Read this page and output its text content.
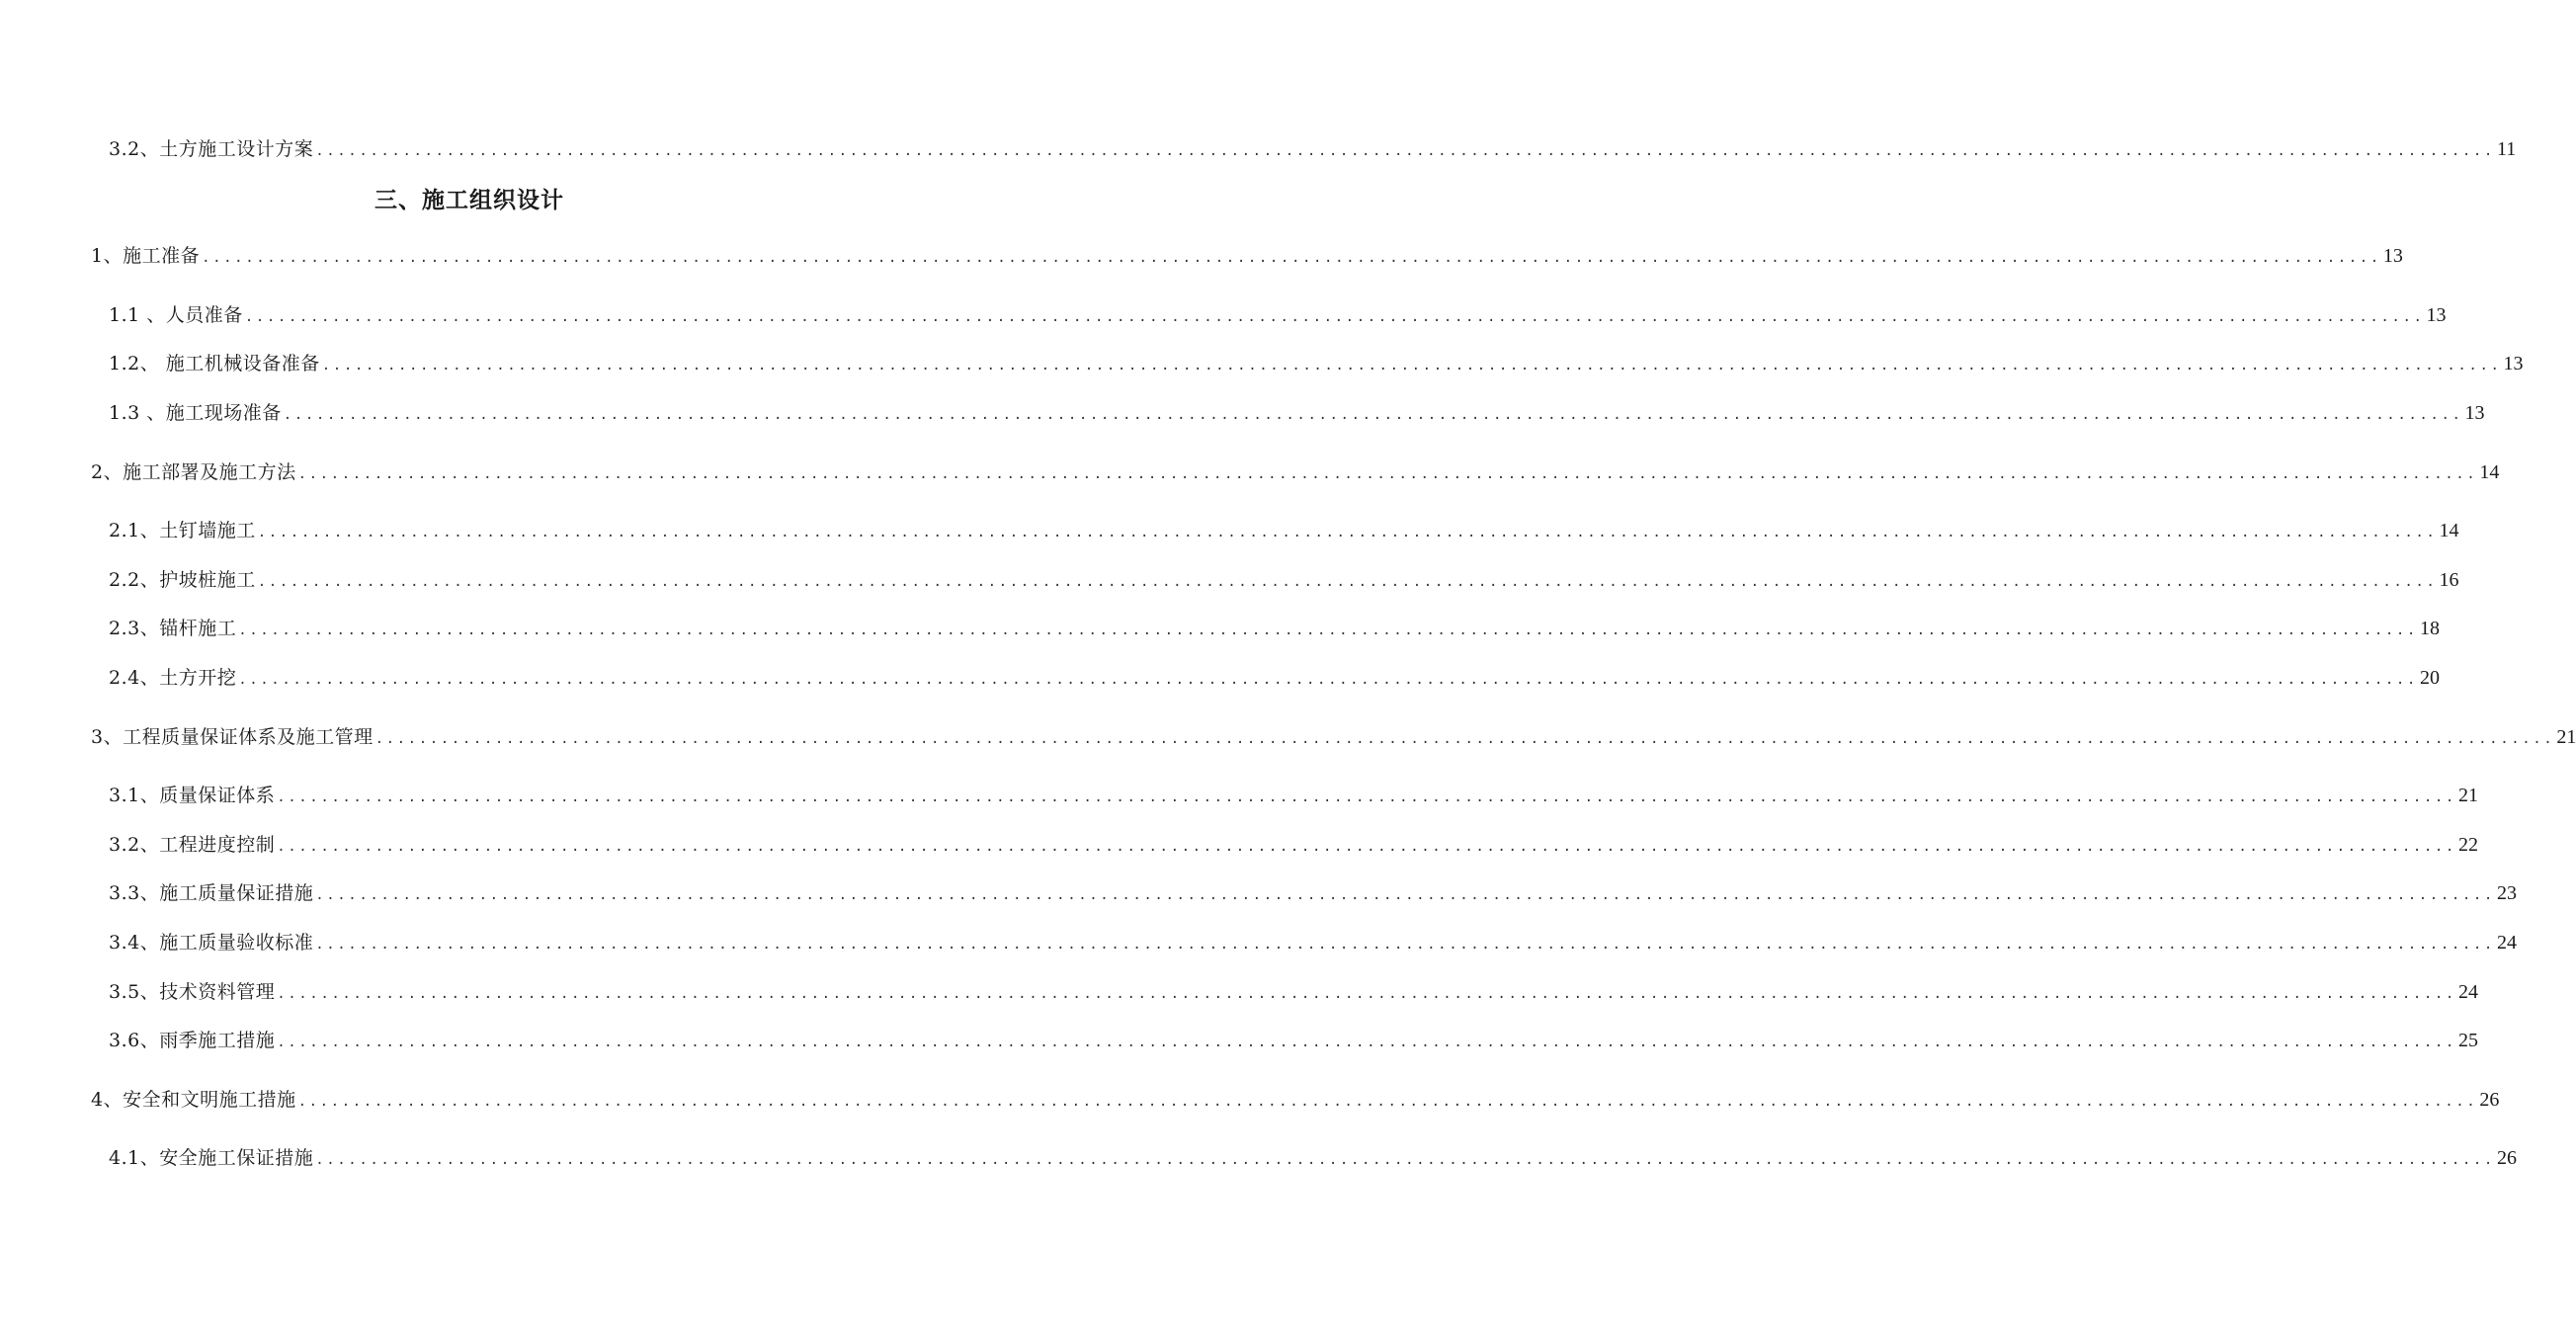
3.2、土方施工设计方案 ........................................................................................................................................................................................................ 11
三、施工组织设计
1、施工准备 ........................................................................................................................................................................................................ 13
1.1 、人员准备 ........................................................................................................................................................................................................ 13
1.2、 施工机械设备准备 ........................................................................................................................................................................................................ 13
1.3 、施工现场准备 ........................................................................................................................................................................................................ 13
2、施工部署及施工方法 ........................................................................................................................................................................................................ 14
2.1、土钉墙施工 ........................................................................................................................................................................................................ 14
2.2、护坡桩施工 ........................................................................................................................................................................................................ 16
2.3、锚杆施工 ........................................................................................................................................................................................................ 18
2.4、土方开挖 ........................................................................................................................................................................................................ 20
3、工程质量保证体系及施工管理 ........................................................................................................................................................................................................ 21
3.1、质量保证体系 ........................................................................................................................................................................................................ 21
3.2、工程进度控制 ........................................................................................................................................................................................................ 22
3.3、施工质量保证措施 ........................................................................................................................................................................................................ 23
3.4、施工质量验收标准 ........................................................................................................................................................................................................ 24
3.5、技术资料管理 ........................................................................................................................................................................................................ 24
3.6、雨季施工措施 ........................................................................................................................................................................................................ 25
4、安全和文明施工措施 ........................................................................................................................................................................................................ 26
4.1、安全施工保证措施 ........................................................................................................................................................................................................ 26
